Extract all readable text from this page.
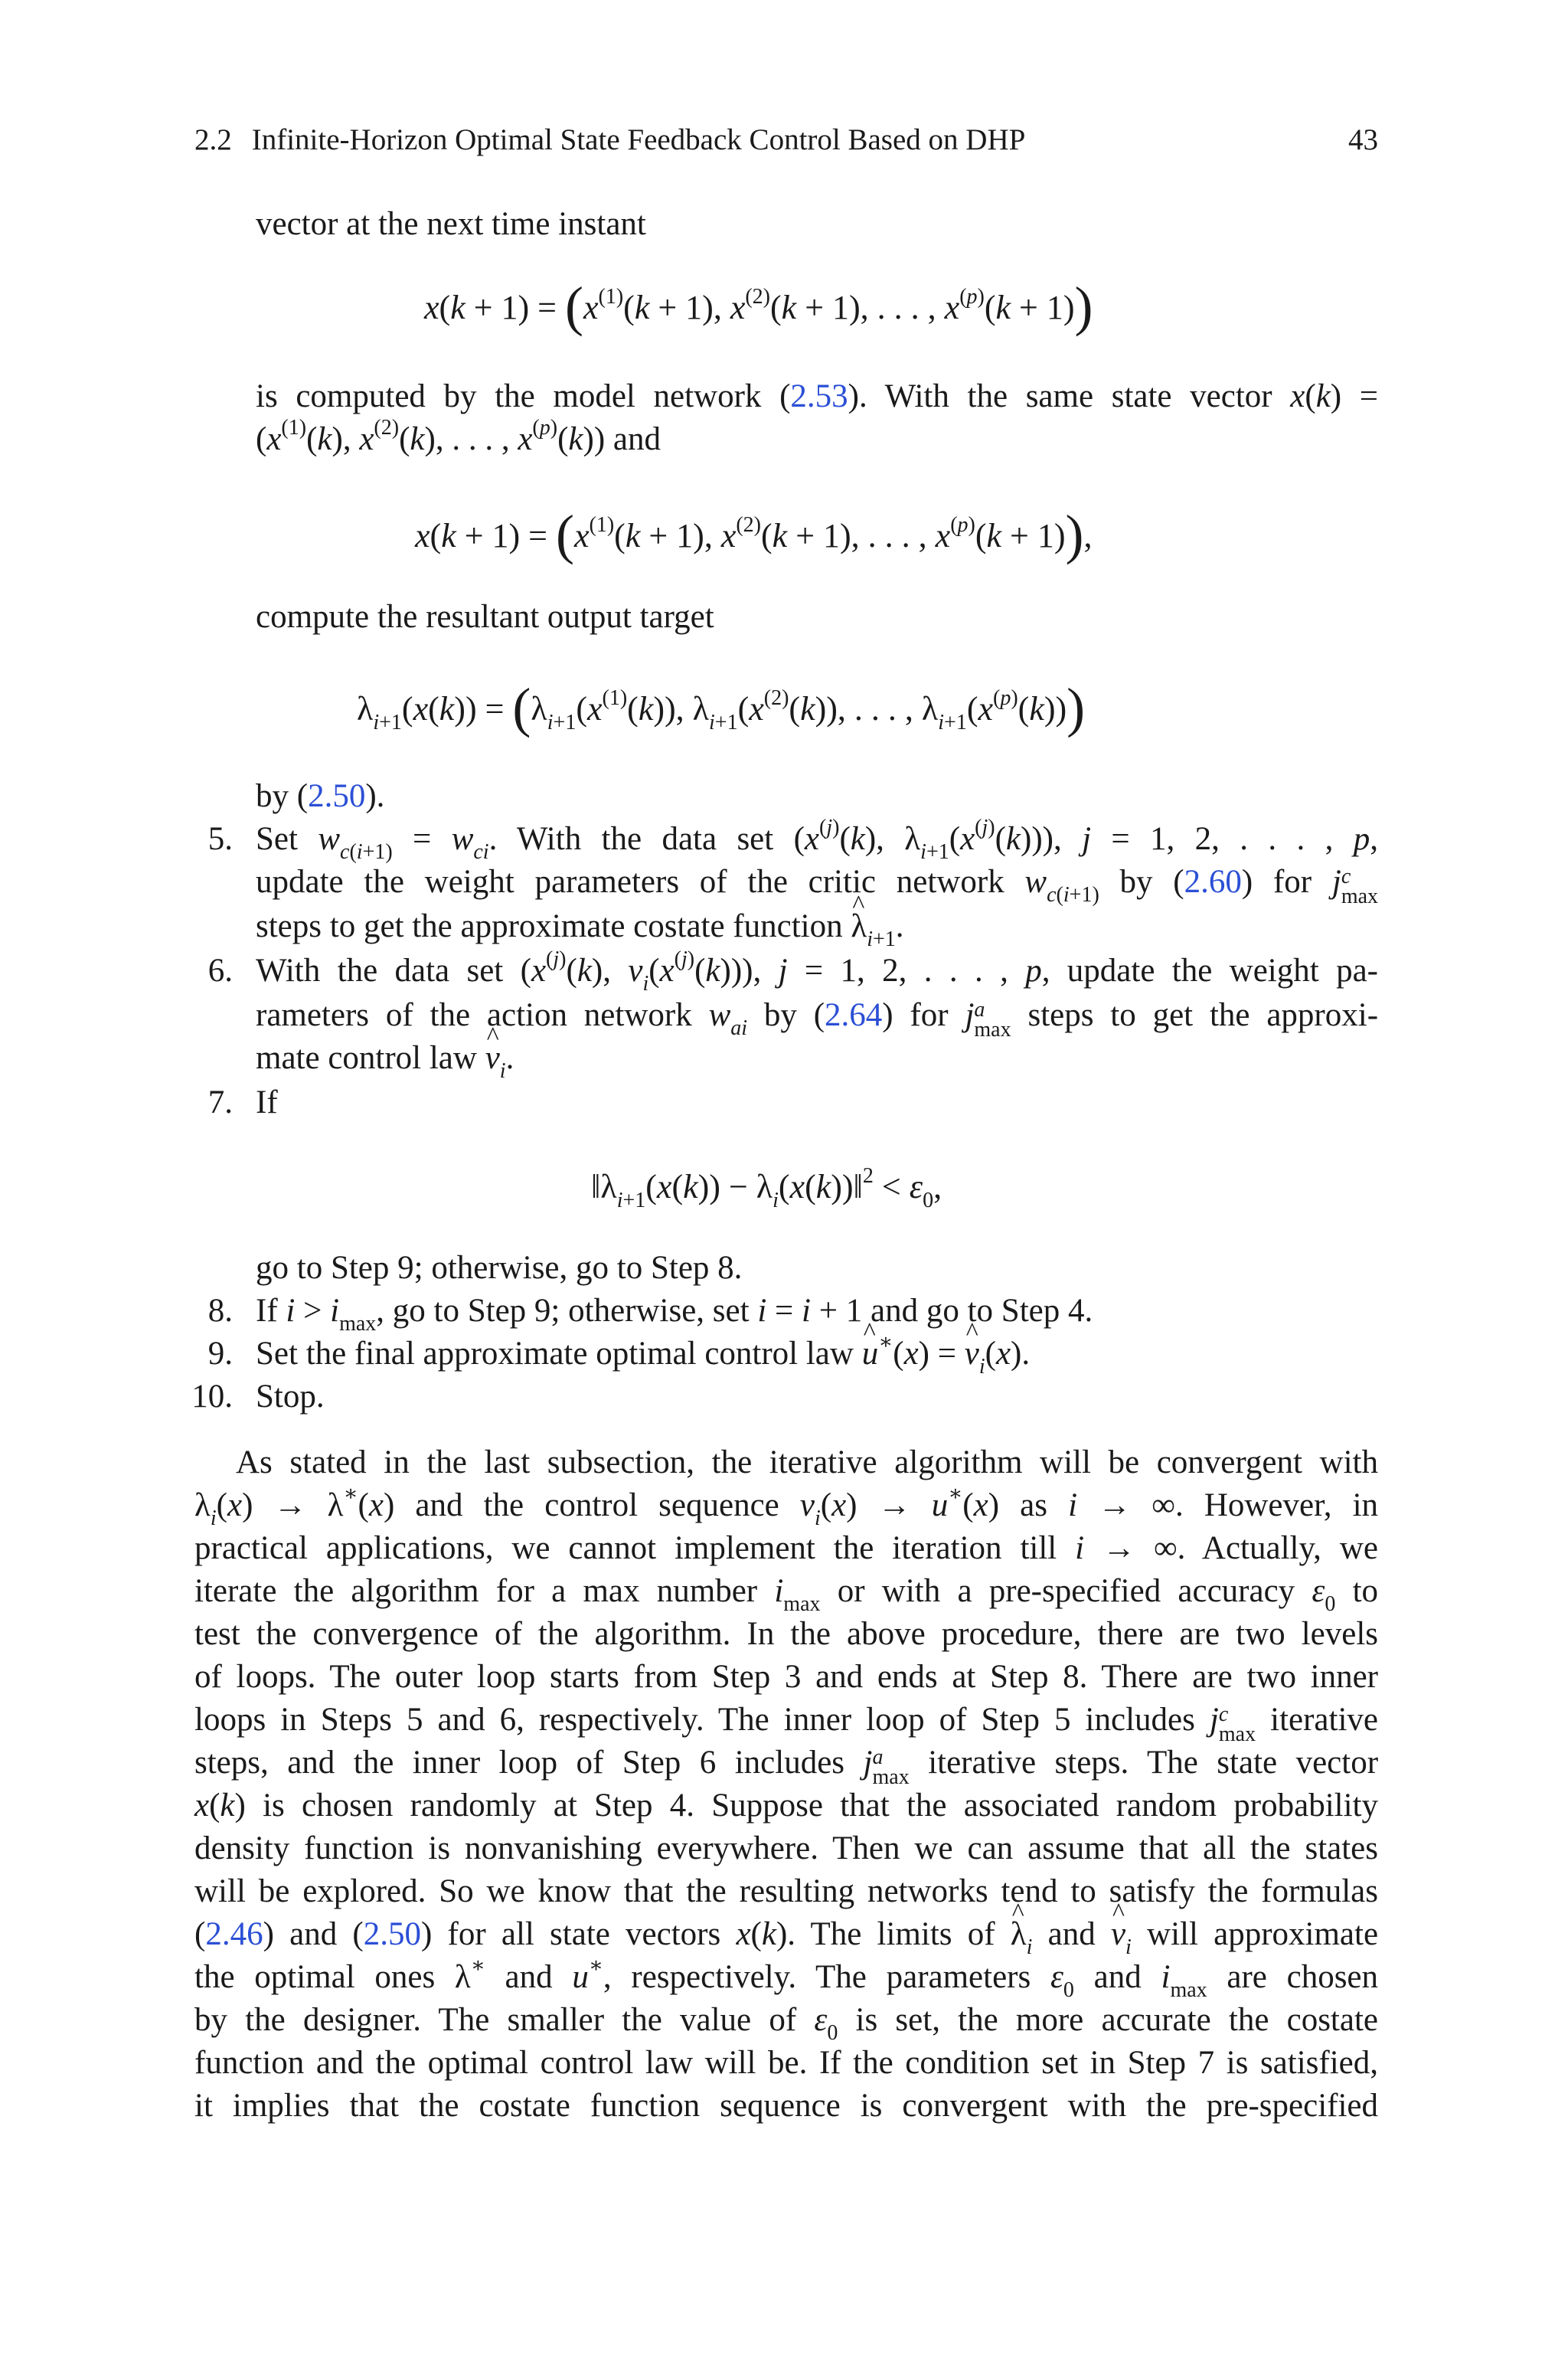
2.2 Infinite-Horizon Optimal State Feedback Control Based on DHP	43
vector at the next time instant
$x(k + 1) = (x^{(1)}(k + 1)$, $x^{(2)}(k + 1)$, . . . , $x^{(p)}(k + 1)$)
is computed by the model network (2.53). With the same state vector x(k) =
($x^{(1)}(k)$, $x^{(2)}(k)$, . . . , $x^{(p)}(k)$) and
$x(k + 1) = (x^{(1)}(k + 1)$, $x^{(2)}(k + 1)$, . . . , $x^{(p)}(k + 1)$),
compute the resultant output target
$\lambda_{i+1}(x(k)) = (\lambda_{i+1}(x^{(1)}(k))$, $\lambda_{i+1}(x^{(2)}(k))$, . . . , $\lambda_{i+1}(x^{(p)}(k))$)
by (2.50).
5. Set $w_{c(i+1)} = w_{ci}$. With the data set ($x^{(j)}(k)$, $\lambda_{i+1}(x^{(j)}(k))$), j = 1, 2, . . . , p,
update the weight parameters of the critic network $w_{c(i+1)}$ by (2.60) for j c
max
steps to get the approximate costate function ^ $\lambda_{i+1}$.
6. With the data set ($x^{(j)}(k)$, $v_i(x^{(j)}(k))$), j = 1, 2, . . . , p, update the weight pa-
rameters of the action network $w_{ai}$ by (2.64) for j a
max steps to get the approxi-
mate control law ^ $v_i$.
7. If
$‖\lambda_{i+1}(x(k))$ − $\lambda_i(x(k))‖^2 < \varepsilon_0$,
go to Step 9; otherwise, go to Step 8.
8. If $i > i_{max}$, go to Step 9; otherwise, set i = i + 1 and go to Step 4.
9. Set the final approximate optimal control law ^ u∗(x) = ^ $v_i(x)$.
10. Stop.
As stated in the last subsection, the iterative algorithm will be convergent with
$\lambda_i(x) \to \lambda^∗(x)$ and the control sequence $v_i(x) \to u^∗(x)$ as i → ∞. However, in
practical applications, we cannot implement the iteration till i → ∞. Actually, we
iterate the algorithm for a max number $i_{max}$ or with a pre-specified accuracy $\varepsilon_0$ to
test the convergence of the algorithm. In the above procedure, there are two levels
of loops. The outer loop starts from Step 3 and ends at Step 8. There are two inner
loops in Steps 5 and 6, respectively. The inner loop of Step 5 includes j c
max iterative
steps, and the inner loop of Step 6 includes j a
max iterative steps. The state vector
x(k) is chosen randomly at Step 4. Suppose that the associated random probability
density function is nonvanishing everywhere. Then we can assume that all the states
will be explored. So we know that the resulting networks tend to satisfy the formulas
(2.46) and (2.50) for all state vectors x(k). The limits of ^ $\lambda_i$ and ^ $v_i$ will approximate
the optimal ones λ∗ and u∗, respectively. The parameters $\varepsilon_0$ and $i_{max}$ are chosen
by the designer. The smaller the value of $\varepsilon_0$ is set, the more accurate the costate
function and the optimal control law will be. If the condition set in Step 7 is satisfied,
it implies that the costate function sequence is convergent with the pre-specified
